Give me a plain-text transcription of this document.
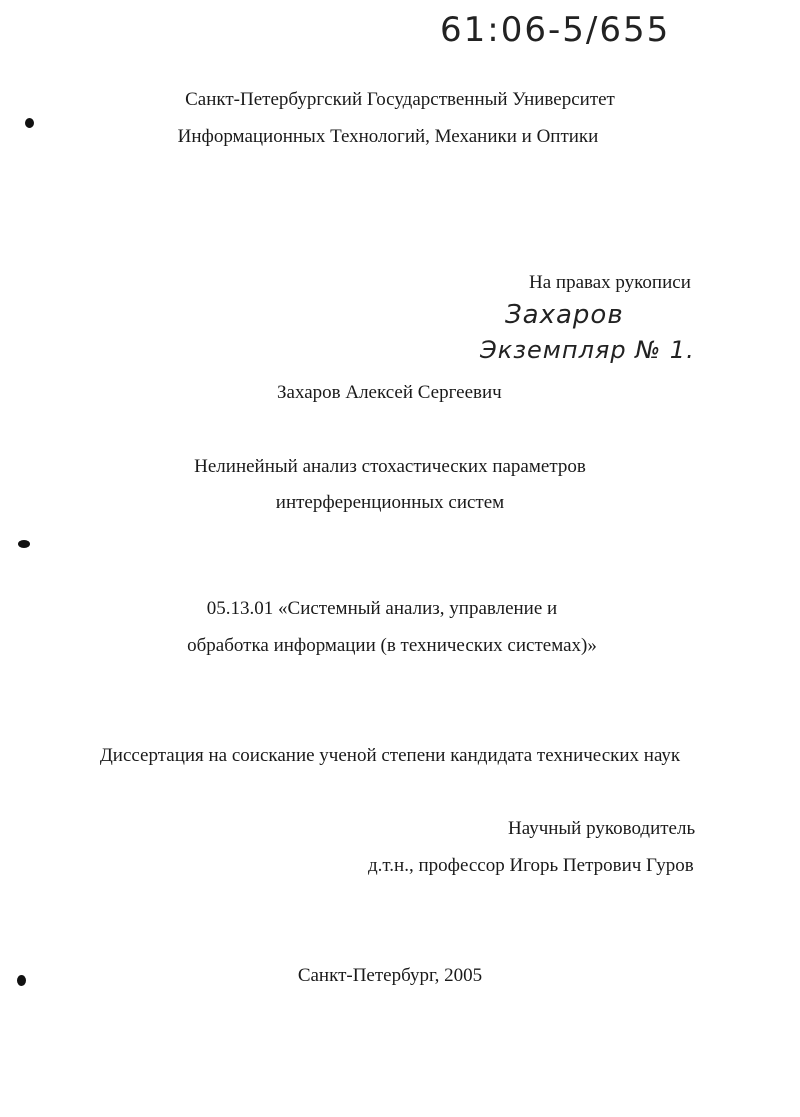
61:06-5/655
Санкт-Петербургский Государственный Университет
Информационных Технологий, Механики и Оптики
На правах рукописи
Захаров
Экземпляр № 1.
Захаров Алексей Сергеевич
Нелинейный анализ стохастических параметров
интерференционных систем
05.13.01 «Системный анализ, управление и
обработка информации (в технических системах)»
Диссертация на соискание ученой степени кандидата технических наук
Научный руководитель
д.т.н., профессор Игорь Петрович Гуров
Санкт-Петербург, 2005
